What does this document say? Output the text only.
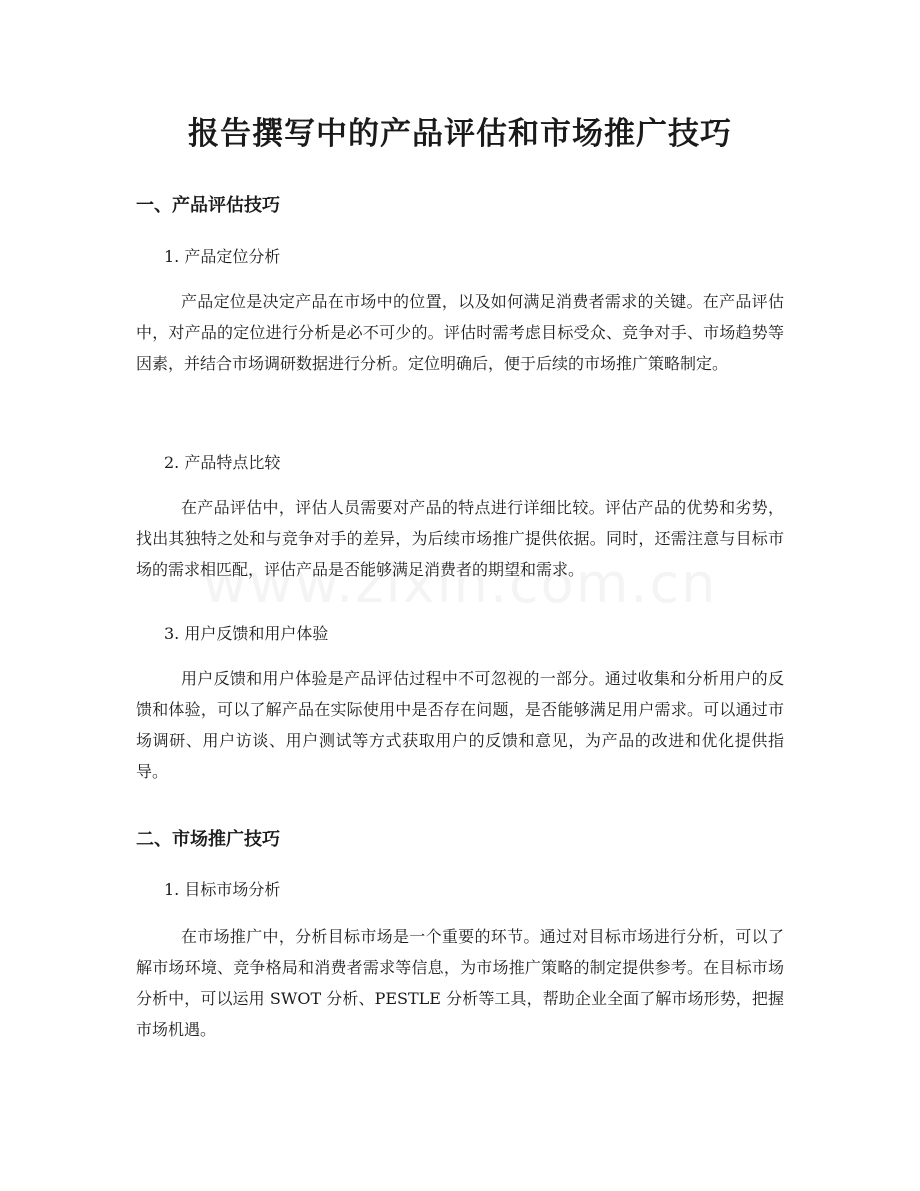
报告撰写中的产品评估和市场推广技巧
一、产品评估技巧
1. 产品定位分析
产品定位是决定产品在市场中的位置，以及如何满足消费者需求的关键。在产品评估中，对产品的定位进行分析是必不可少的。评估时需考虑目标受众、竞争对手、市场趋势等因素，并结合市场调研数据进行分析。定位明确后，便于后续的市场推广策略制定。
2. 产品特点比较
在产品评估中，评估人员需要对产品的特点进行详细比较。评估产品的优势和劣势，找出其独特之处和与竞争对手的差异，为后续市场推广提供依据。同时，还需注意与目标市场的需求相匹配，评估产品是否能够满足消费者的期望和需求。
3. 用户反馈和用户体验
用户反馈和用户体验是产品评估过程中不可忽视的一部分。通过收集和分析用户的反馈和体验，可以了解产品在实际使用中是否存在问题，是否能够满足用户需求。可以通过市场调研、用户访谈、用户测试等方式获取用户的反馈和意见，为产品的改进和优化提供指导。
二、市场推广技巧
1. 目标市场分析
在市场推广中，分析目标市场是一个重要的环节。通过对目标市场进行分析，可以了解市场环境、竞争格局和消费者需求等信息，为市场推广策略的制定提供参考。在目标市场分析中，可以运用 SWOT 分析、PESTLE 分析等工具，帮助企业全面了解市场形势，把握市场机遇。
